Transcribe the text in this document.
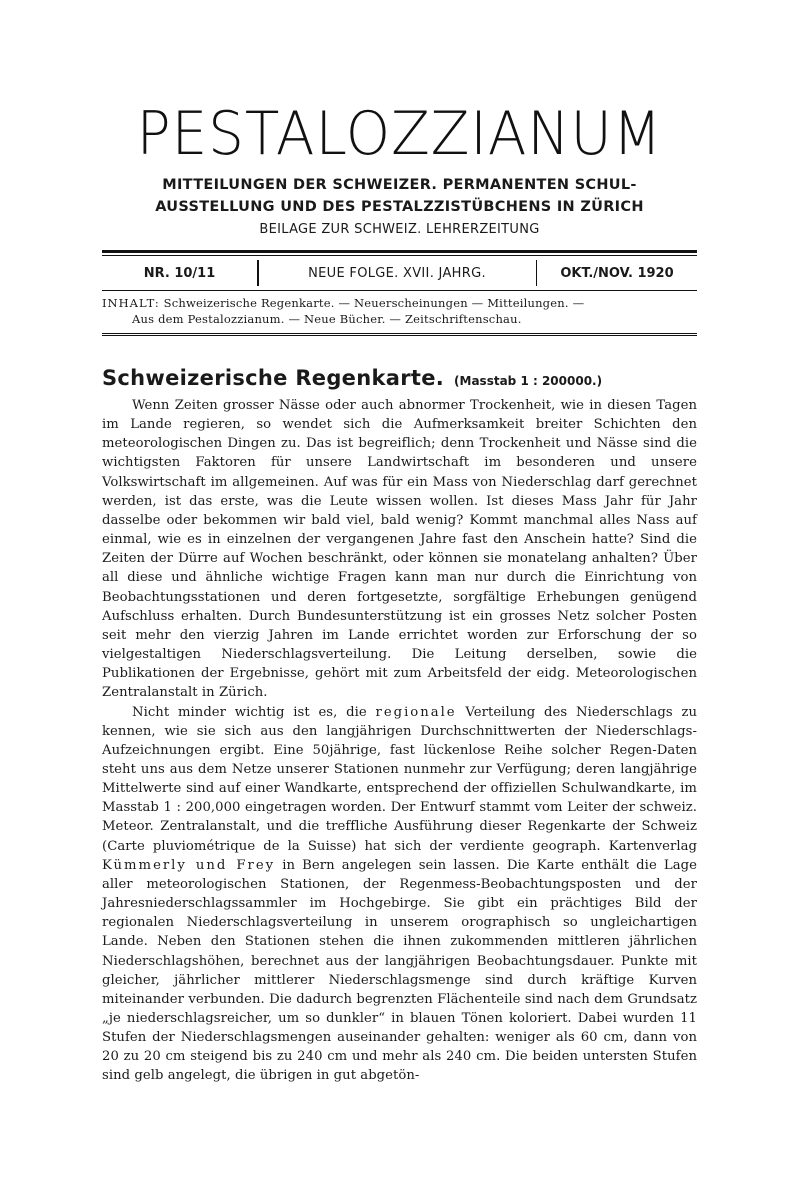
PESTALOZZIANUM
MITTEILUNGEN DER SCHWEIZER. PERMANENTEN SCHUL-
AUSSTELLUNG UND DES PESTALZZISTÜBCHENS IN ZÜRICH
BEILAGE ZUR SCHWEIZ. LEHRERZEITUNG
NR. 10/11	NEUE FOLGE. XVII. JAHRG.	OKT./NOV. 1920
INHALT: Schweizerische Regenkarte. — Neuerscheinungen — Mitteilungen. —
Aus dem Pestalozzianum. — Neue Bücher. — Zeitschriftenschau.
Schweizerische Regenkarte. (Masstab 1 : 200000.)

Wenn Zeiten grosser Nässe oder auch abnormer Trockenheit, wie in diesen Tagen im Lande regieren, so wendet sich die Aufmerksamkeit breiter Schichten den meteorologischen Dingen zu. Das ist begreiflich; denn Trockenheit und Nässe sind die wichtigsten Faktoren für unsere Landwirtschaft im besonderen und unsere Volkswirtschaft im allgemeinen. Auf was für ein Mass von Niederschlag darf gerechnet werden, ist das erste, was die Leute wissen wollen. Ist dieses Mass Jahr für Jahr dasselbe oder bekommen wir bald viel, bald wenig? Kommt manchmal alles Nass auf einmal, wie es in einzelnen der vergangenen Jahre fast den Anschein hatte? Sind die Zeiten der Dürre auf Wochen beschränkt, oder können sie monatelang anhalten? Über all diese und ähnliche wichtige Fragen kann man nur durch die Einrichtung von Beobachtungsstationen und deren fortgesetzte, sorgfältige Erhebungen genügend Aufschluss erhalten. Durch Bundesunterstützung ist ein grosses Netz solcher Posten seit mehr den vierzig Jahren im Lande errichtet worden zur Erforschung der so vielgestaltigen Niederschlagsverteilung. Die Leitung derselben, sowie die Publikationen der Ergebnisse, gehört mit zum Arbeitsfeld der eidg. Meteorologischen Zentralanstalt in Zürich.

Nicht minder wichtig ist es, die regionale Verteilung des Niederschlags zu kennen, wie sie sich aus den langjährigen Durchschnittwerten der Niederschlags-Aufzeichnungen ergibt. Eine 50jährige, fast lückenlose Reihe solcher Regen-Daten steht uns aus dem Netze unserer Stationen nunmehr zur Verfügung; deren langjährige Mittelwerte sind auf einer Wandkarte, entsprechend der offiziellen Schulwandkarte, im Masstab 1 : 200,000 eingetragen worden. Der Entwurf stammt vom Leiter der schweiz. Meteor. Zentralanstalt, und die treffliche Ausführung dieser Regenkarte der Schweiz (Carte pluviométrique de la Suisse) hat sich der verdiente geograph. Kartenverlag Kümmerly und Frey in Bern angelegen sein lassen. Die Karte enthält die Lage aller meteorologischen Stationen, der Regenmess-Beobachtungsposten und der Jahresniederschlagssammler im Hochgebirge. Sie gibt ein prächtiges Bild der regionalen Niederschlagsverteilung in unserem orographisch so ungleichartigen Lande. Neben den Stationen stehen die ihnen zukommenden mittleren jährlichen Niederschlagshöhen, berechnet aus der langjährigen Beobachtungsdauer. Punkte mit gleicher, jährlicher mittlerer Niederschlagsmenge sind durch kräftige Kurven miteinander verbunden. Die dadurch begrenzten Flächenteile sind nach dem Grundsatz „je niederschlagsreicher, um so dunkler“ in blauen Tönen koloriert. Dabei wurden 11 Stufen der Niederschlagsmengen auseinander gehalten: weniger als 60 cm, dann von 20 zu 20 cm steigend bis zu 240 cm und mehr als 240 cm. Die beiden untersten Stufen sind gelb angelegt, die übrigen in gut abgetön-
